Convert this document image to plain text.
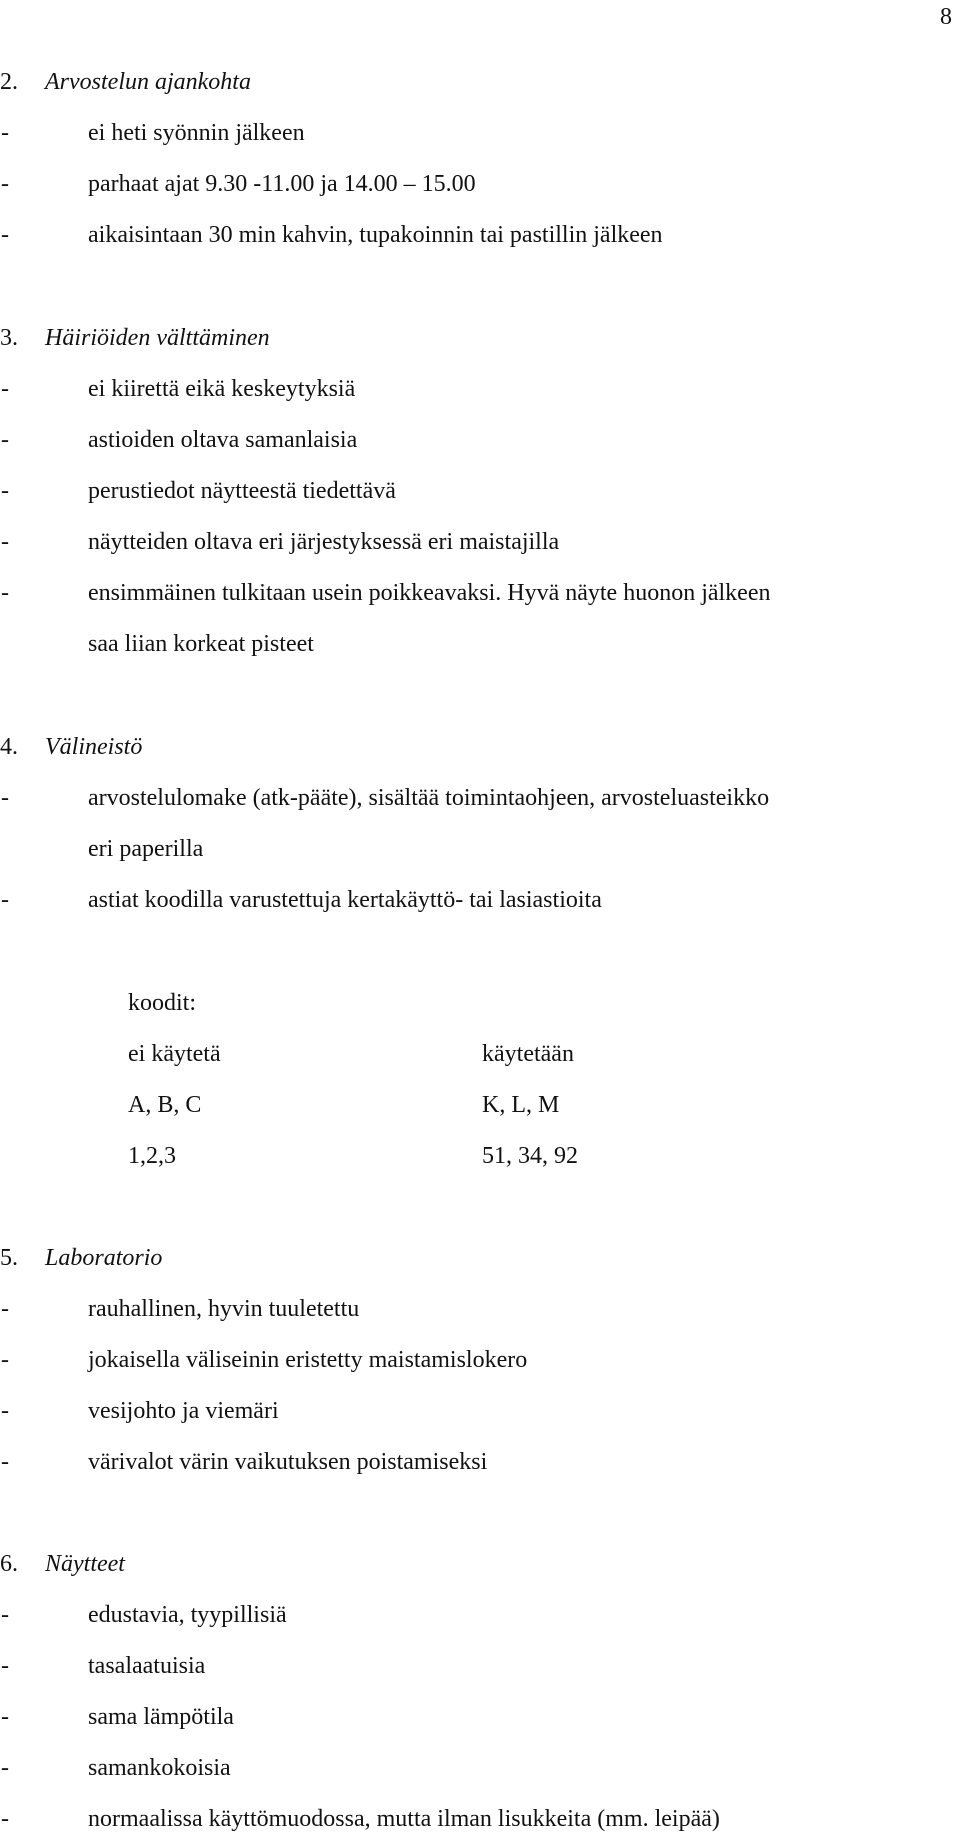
8
2. Arvostelun ajankohta
-	ei heti syönnin jälkeen
-	parhaat ajat 9.30 -11.00 ja 14.00 – 15.00
-	aikaisintaan 30 min kahvin, tupakoinnin tai pastillin jälkeen
3. Häiriöiden välttäminen
-	ei kiirettä eikä keskeytyksiä
-	astioiden oltava samanlaisia
-	perustiedot näytteestä tiedettävä
-	näytteiden oltava eri järjestyksessä eri maistajilla
-	ensimmäinen tulkitaan usein poikkeavaksi. Hyvä näyte huonon jälkeen
saa liian korkeat pisteet
4. Välineistö
-	arvostelulomake (atk-pääte), sisältää toimintaohjeen, arvosteluasteikko
eri paperilla
-	astiat koodilla varustettuja kertakäyttö- tai lasiastioita
koodit:
ei käytetä	käytetään
A, B, C	K, L, M
1,2,3	51, 34, 92
5. Laboratorio
-	rauhallinen, hyvin tuuletettu
-	jokaisella väliseinin eristetty maistamislokero
-	vesijohto ja viemäri
-	värivalot värin vaikutuksen poistamiseksi
6. Näytteet
-	edustavia, tyypillisiä
-	tasalaatuisia
-	sama lämpötila
-	samankokoisia
-	normaalissa käyttömuodossa, mutta ilman lisukkeita (mm. leipää)
